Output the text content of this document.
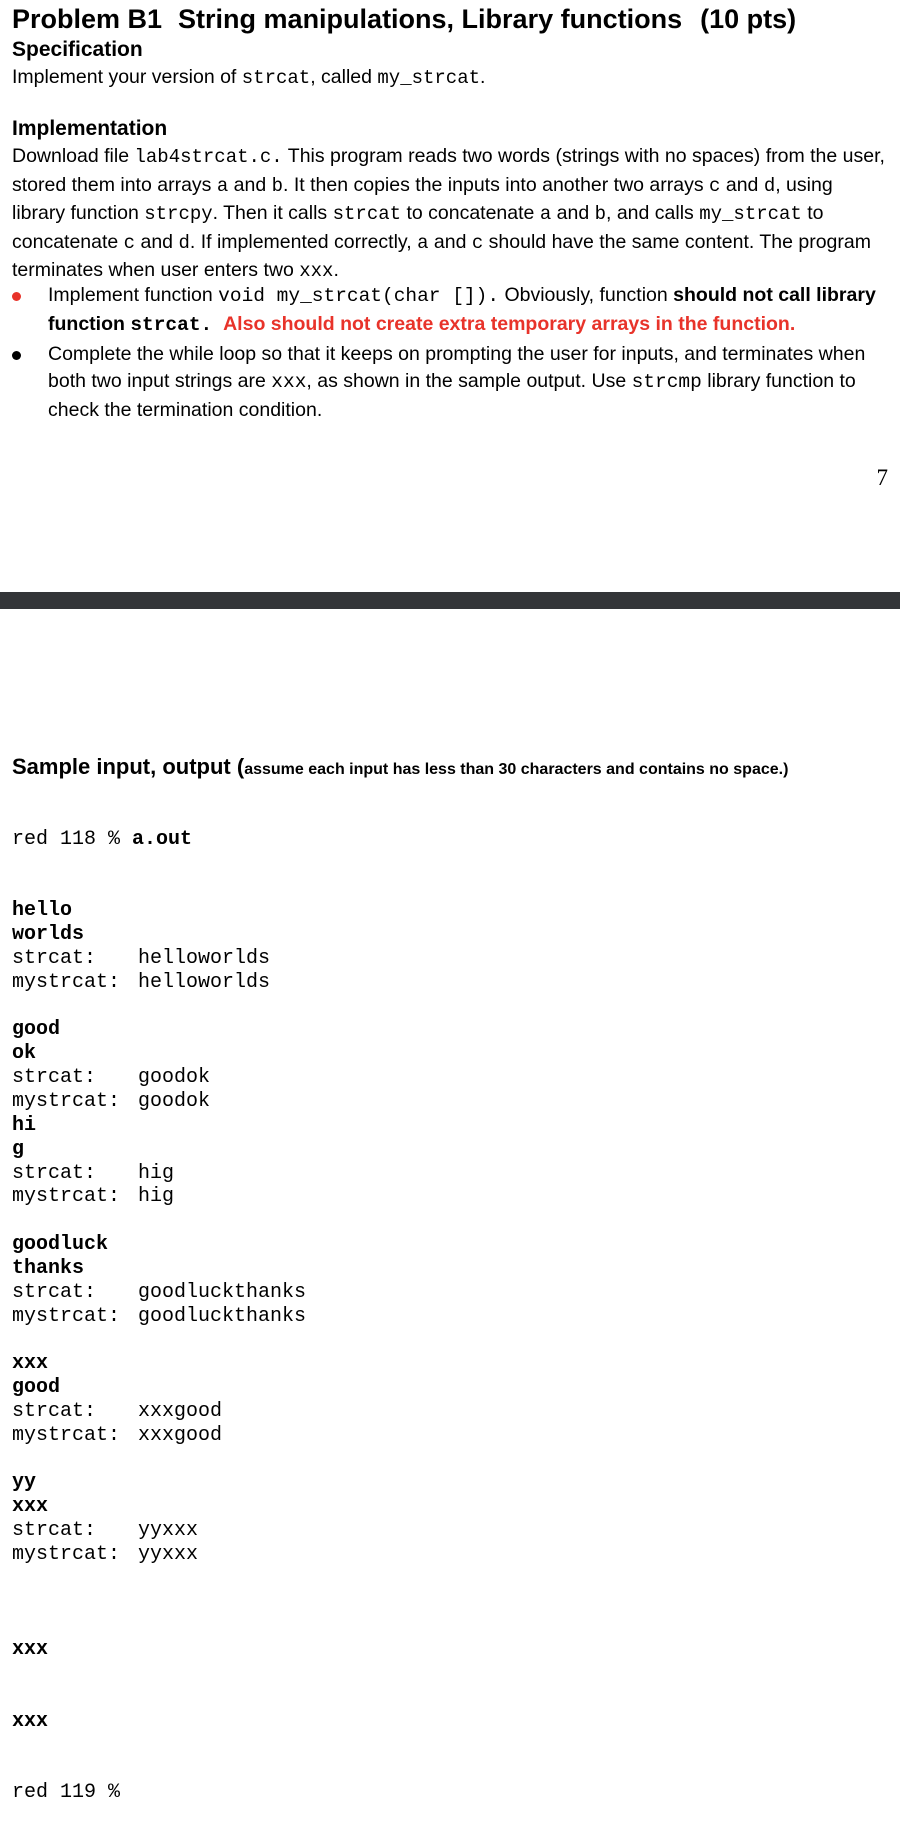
Problem B1 String manipulations, Library functions (10 pts)
Specification
Implement your version of strcat, called my_strcat.
Implementation
Download file lab4strcat.c. This program reads two words (strings with no spaces) from the user, stored them into arrays a and b. It then copies the inputs into another two arrays c and d, using library function strcpy. Then it calls strcat to concatenate a and b, and calls my_strcat to concatenate c and d. If implemented correctly, a and c should have the same content. The program terminates when user enters two xxx.
Implement function void my_strcat(char []). Obviously, function should not call library function strcat. Also should not create extra temporary arrays in the function.
Complete the while loop so that it keeps on prompting the user for inputs, and terminates when both two input strings are xxx, as shown in the sample output. Use strcmp library function to check the termination condition.
7
Sample input, output (assume each input has less than 30 characters and contains no space.)

red 118 % a.out

hello
worlds
strcat: helloworlds
mystrcat: helloworlds
good
ok
strcat: goodok
mystrcat: goodok
hi
g
strcat: hig
mystrcat: hig
goodluck
thanks
strcat: goodluckthanks
mystrcat: goodluckthanks
xxx
good
strcat: xxxgood
mystrcat: xxxgood
yy
xxx
strcat: yyxxx
mystrcat: yyxxx

xxx

xxx

red 119 %
